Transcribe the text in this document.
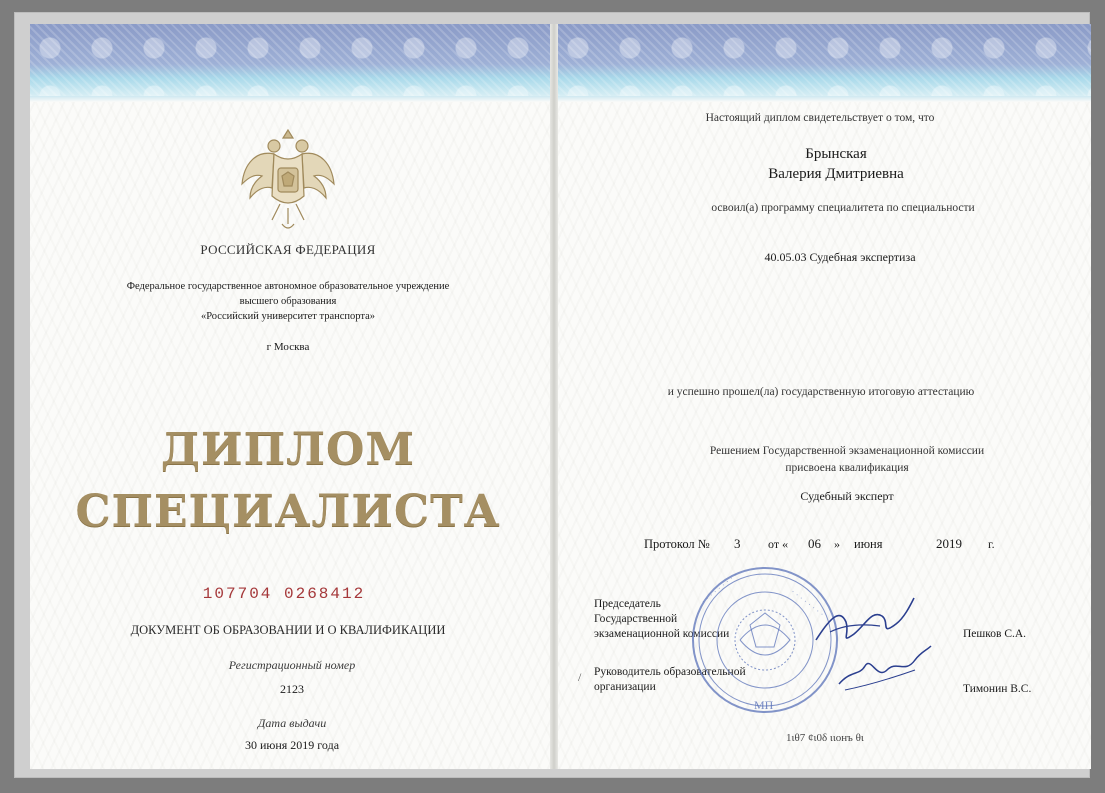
РОССИЙСКАЯ ФЕДЕРАЦИЯ
Федеральное государственное автономное образовательное учреждение
высшего образования
«Российский университет транспорта»
г Москва
ДИПЛОМ
СПЕЦИАЛИСТА
107704 0268412
ДОКУМЕНТ ОБ ОБРАЗОВАНИИ И О КВАЛИФИКАЦИИ
Регистрационный номер
2123
Дата выдачи
30 июня 2019 года
Настоящий диплом свидетельствует о том, что
Брынская
Валерия Дмитриевна
освоил(а) программу специалитета по специальности
40.05.03 Судебная экспертиза
и успешно прошел(ла) государственную итоговую аттестацию
Решением Государственной экзаменационной комиссии
присвоена квалификация
Судебный эксперт
Протокол № 3 от « 06 » июня	2019 г.
Председатель
Государственной
экзаменационной комиссии	Пешков С.А.
Руководитель образовательной
организации	Тимонин В.С.
/
1ιθ7 ¢ι0δ ιιοнъ θι
· · · · · · · · ·	· · · · · · · ·
МП
